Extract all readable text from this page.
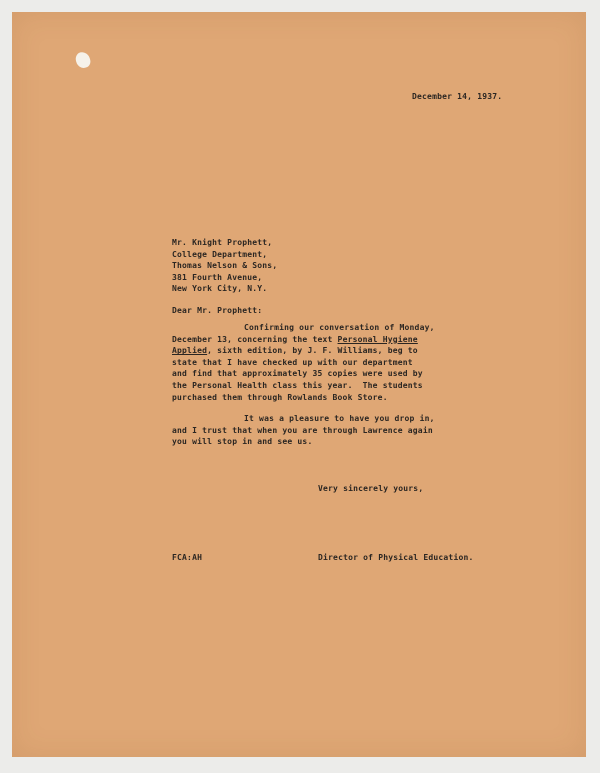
December 14, 1937.
Mr. Knight Prophett,
College Department,
Thomas Nelson & Sons,
381 Fourth Avenue,
New York City, N.Y.
Dear Mr. Prophett:
Confirming our conversation of Monday,
December 13, concerning the text Personal Hygiene
Applied, sixth edition, by J. F. Williams, beg to
state that I have checked up with our department
and find that approximately 35 copies were used by
the Personal Health class this year.  The students
purchased them through Rowlands Book Store.
It was a pleasure to have you drop in,
and I trust that when you are through Lawrence again
you will stop in and see us.
Very sincerely yours,
FCA:AH	Director of Physical Education.
